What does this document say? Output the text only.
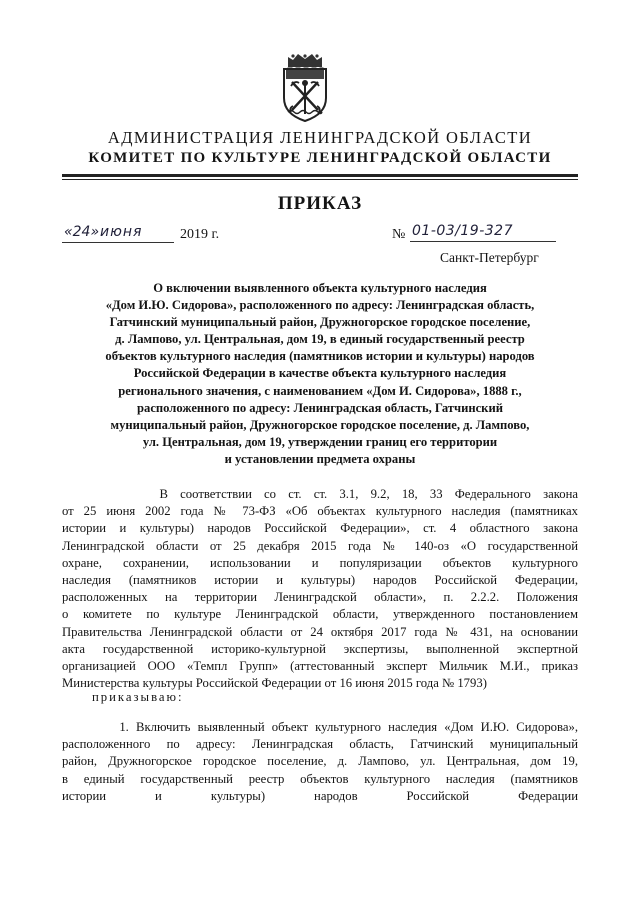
АДМИНИСТРАЦИЯ ЛЕНИНГРАДСКОЙ ОБЛАСТИ
КОМИТЕТ ПО КУЛЬТУРЕ ЛЕНИНГРАДСКОЙ ОБЛАСТИ
ПРИКАЗ
«24» июня	2019 г.	№ 01-03/19-327
Санкт-Петербург
О включении выявленного объекта культурного наследия
«Дом И.Ю. Сидорова», расположенного по адресу: Ленинградская область,
Гатчинский муниципальный район, Дружногорское городское поселение,
д. Лампово, ул. Центральная, дом 19, в единый государственный реестр
объектов культурного наследия (памятников истории и культуры) народов
Российской Федерации в качестве объекта культурного наследия
регионального значения, с наименованием «Дом И. Сидорова», 1888 г.,
расположенного по адресу: Ленинградская область, Гатчинский
муниципальный район, Дружногорское городское поселение, д. Лампово,
ул. Центральная, дом 19, утверждении границ его территории
и установлении предмета охраны
В соответствии со ст. ст. 3.1, 9.2, 18, 33 Федерального закона
от 25 июня 2002 года № 73-ФЗ «Об объектах культурного наследия (памятниках
истории и культуры) народов Российской Федерации», ст. 4 областного закона
Ленинградской области от 25 декабря 2015 года № 140-оз «О государственной
охране, сохранении, использовании и популяризации объектов культурного
наследия (памятников истории и культуры) народов Российской Федерации,
расположенных на территории Ленинградской области», п. 2.2.2. Положения
о комитете по культуре Ленинградской области, утвержденного постановлением
Правительства Ленинградской области от 24 октября 2017 года № 431, на основании
акта государственной историко-культурной экспертизы, выполненной экспертной
организацией ООО «Темпл Групп» (аттестованный эксперт Мильчик М.И., приказ
Министерства культуры Российской Федерации от 16 июня 2015 года № 1793)
приказываю:
1. Включить выявленный объект культурного наследия «Дом И.Ю. Сидорова»,
расположенного по адресу: Ленинградская область, Гатчинский муниципальный
район, Дружногорское городское поселение, д. Лампово, ул. Центральная, дом 19,
в единый государственный реестр объектов культурного наследия (памятников
истории и культуры) народов Российской Федерации
